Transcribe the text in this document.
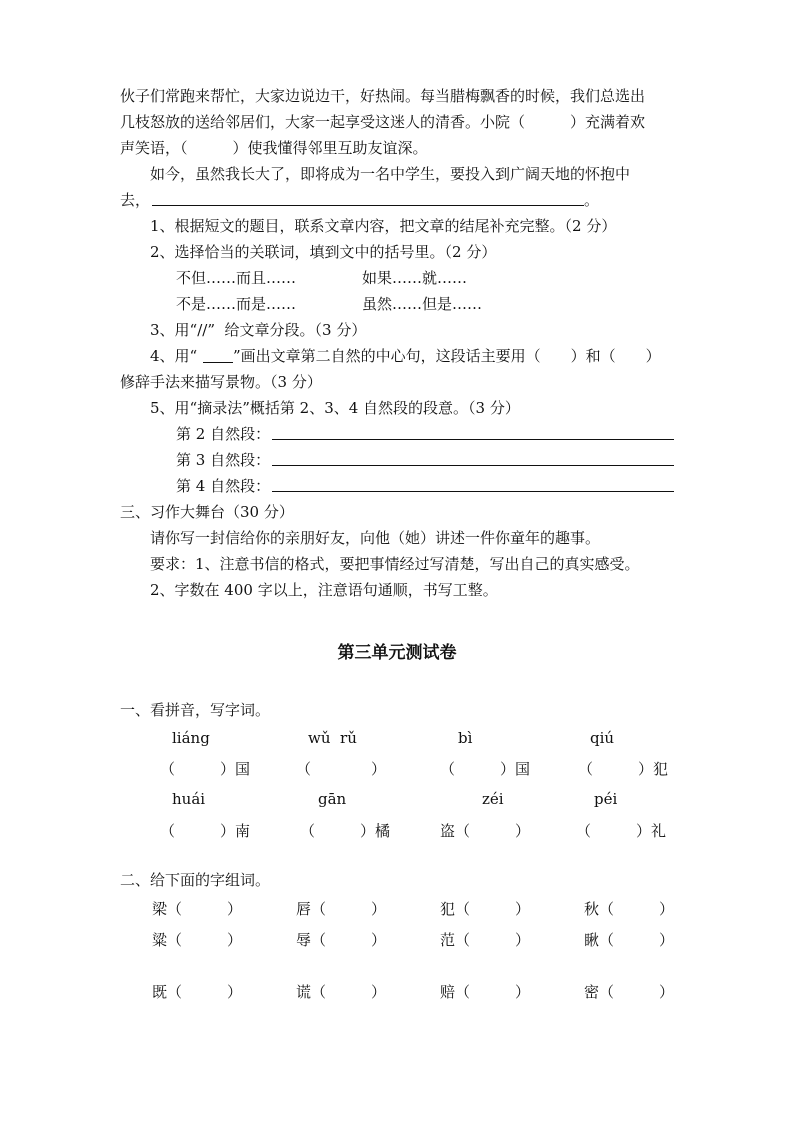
伙子们常跑来帮忙，大家边说边干，好热闹。每当腊梅飘香的时候，我们总选出
几枝怒放的送给邻居们，大家一起享受这迷人的清香。小院（　　　）充满着欢
声笑语，（　　　）使我懂得邻里互助友谊深。
如今，虽然我长大了，即将成为一名中学生，要投入到广阔天地的怀抱中
去，	。
1、根据短文的题目，联系文章内容，把文章的结尾补充完整。（2 分）
2、选择恰当的关联词，填到文中的括号里。（2 分）
不但……而且……	如果……就……
不是……而是……	虽然……但是……
3、用“//”  给文章分段。（3 分）
4、用“ ”画出文章第二自然的中心句，这段话主要用（　　）和（　　）
修辞手法来描写景物。（3 分）
5、用“摘录法”概括第 2、3、4 自然段的段意。（3 分）
第 2 自然段：
第 3 自然段：
第 4 自然段：
三、习作大舞台（30 分）
请你写一封信给你的亲朋好友，向他（她）讲述一件你童年的趣事。
要求：1、注意书信的格式，要把事情经过写清楚，写出自己的真实感受。
2、字数在 400 字以上，注意语句通顺，书写工整。
第三单元测试卷
一、看拼音，写字词。
liáng	wǔ  rǔ	bì	qiú
（　　　）国	（　　　　）	（　　　）国	（　　　）犯
huái	gān	zéi	péi
（　　　）南	（　　　）橘	盗（　　　）	（　　　）礼
二、给下面的字组词。
梁（　　　）	唇（　　　）	犯（　　　）	秋（　　　）
粱（　　　）	辱（　　　）	范（　　　）	瞅（　　　）
既（　　　）	谎（　　　）	赔（　　　）	密（　　　）
